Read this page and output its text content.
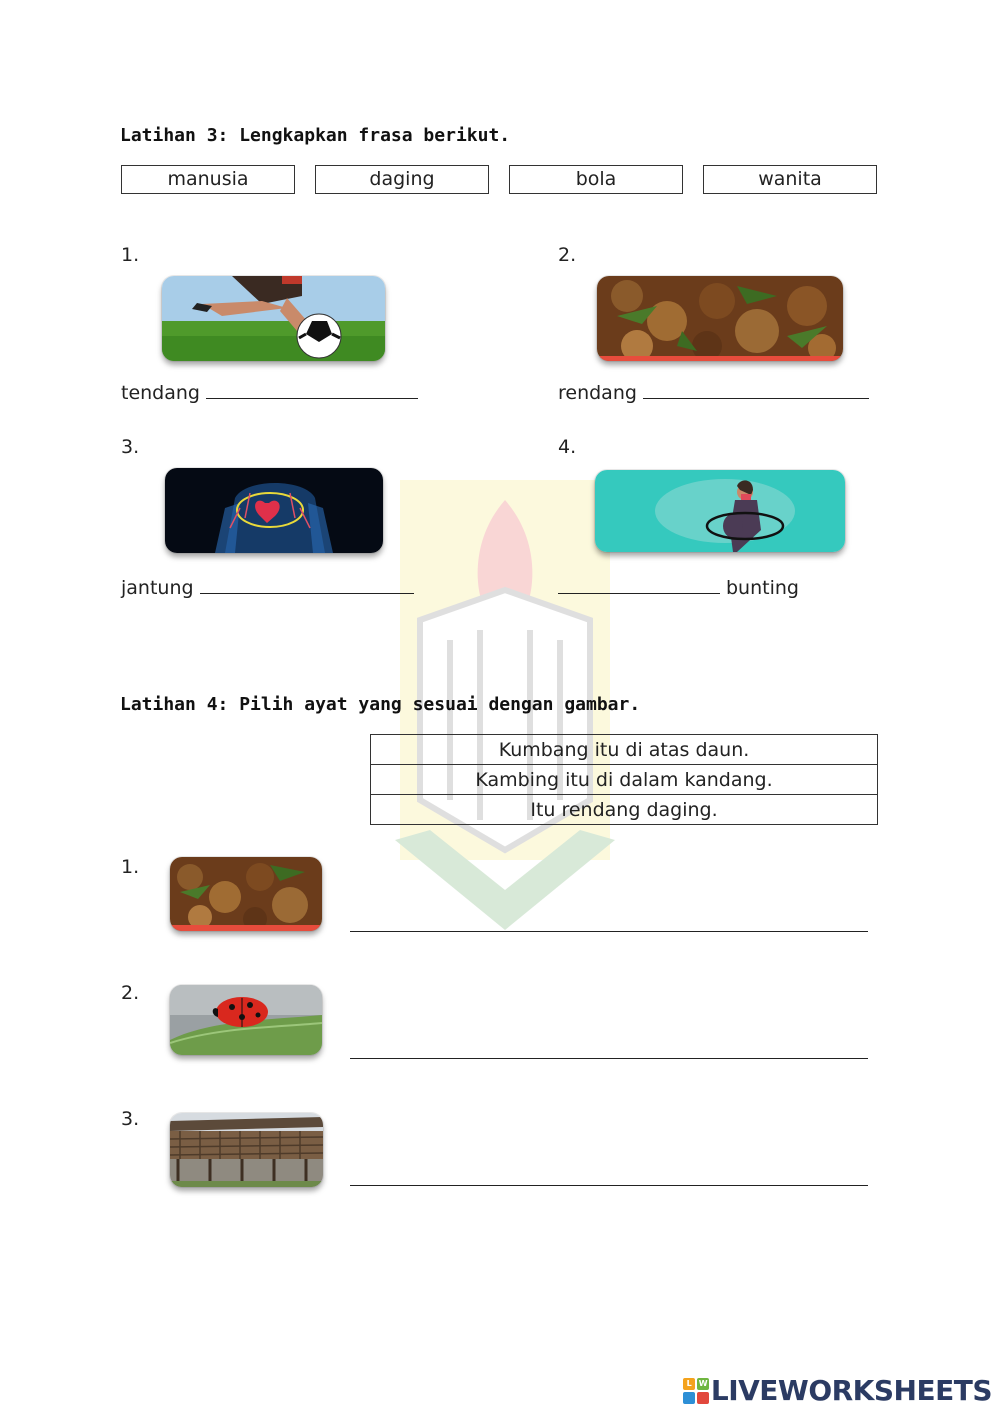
Latihan 3: Lengkapkan frasa berikut.
manusia	daging	bola	wanita
1.
tendang
2.
rendang
3.
jantung
4.
bunting
Latihan 4: Pilih ayat yang sesuai dengan gambar.
Kumbang itu di atas daun.
Kambing itu di dalam kandang.
Itu rendang daging.
1.
2.
3.
L W LIVEWORKSHEETS
